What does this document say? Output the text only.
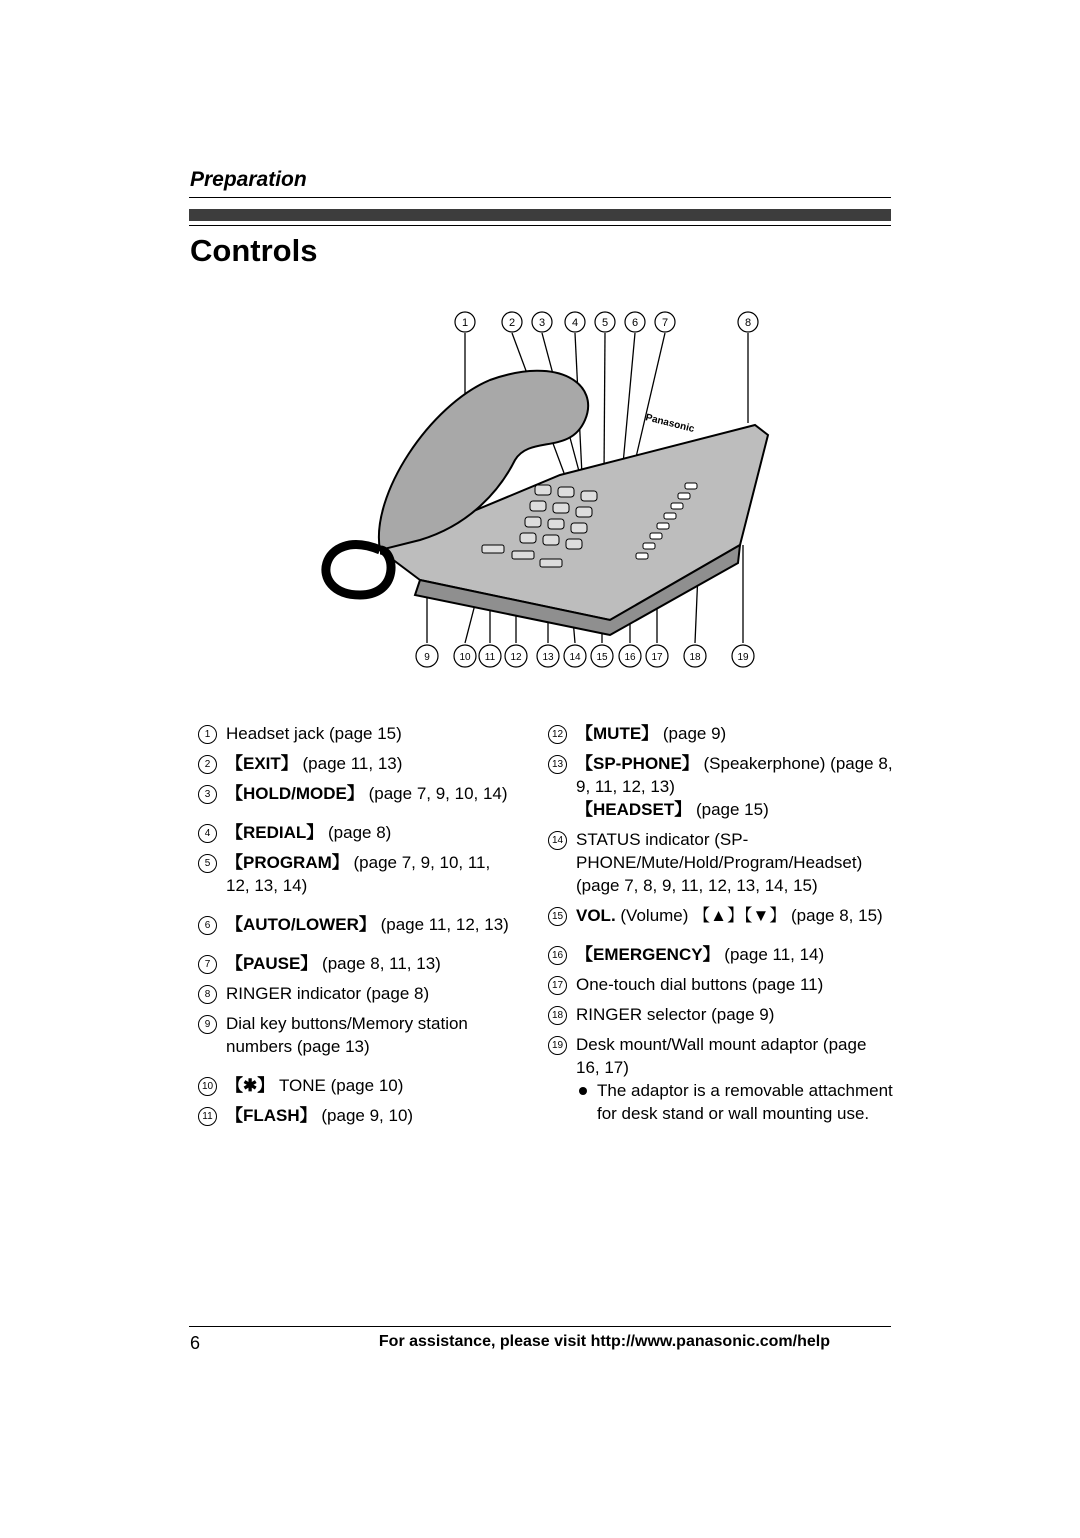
Preparation
Controls
Panasonic
1	2 3 4 5 6 7	8
9	10 11 12 13 14 15 16 17	18	19
1 Headset jack (page 15)
2 【EXIT】 (page 11, 13)
3 【HOLD/MODE】 (page 7, 9, 10, 14)
4 【REDIAL】 (page 8)
5 【PROGRAM】 (page 7, 9, 10, 11, 12, 13, 14)
6 【AUTO/LOWER】 (page 11, 12, 13)
7 【PAUSE】 (page 8, 11, 13)
8 RINGER indicator (page 8)
9 Dial key buttons/Memory station numbers (page 13)
10 【✱】 TONE (page 10)
11 【FLASH】 (page 9, 10)
12 【MUTE】 (page 9)
13 【SP-PHONE】 (Speakerphone) (page 8, 9, 11, 12, 13)
【HEADSET】 (page 15)
14 STATUS indicator (SP-PHONE/Mute/Hold/Program/Headset) (page 7, 8, 9, 11, 12, 13, 14, 15)
15 VOL. (Volume) 【▲】【▼】 (page 8, 15)
16 【EMERGENCY】 (page 11, 14)
17 One-touch dial buttons (page 11)
18 RINGER selector (page 9)
19 Desk mount/Wall mount adaptor (page 16, 17)
The adaptor is a removable attachment for desk stand or wall mounting use.
6	For assistance, please visit http://www.panasonic.com/help
